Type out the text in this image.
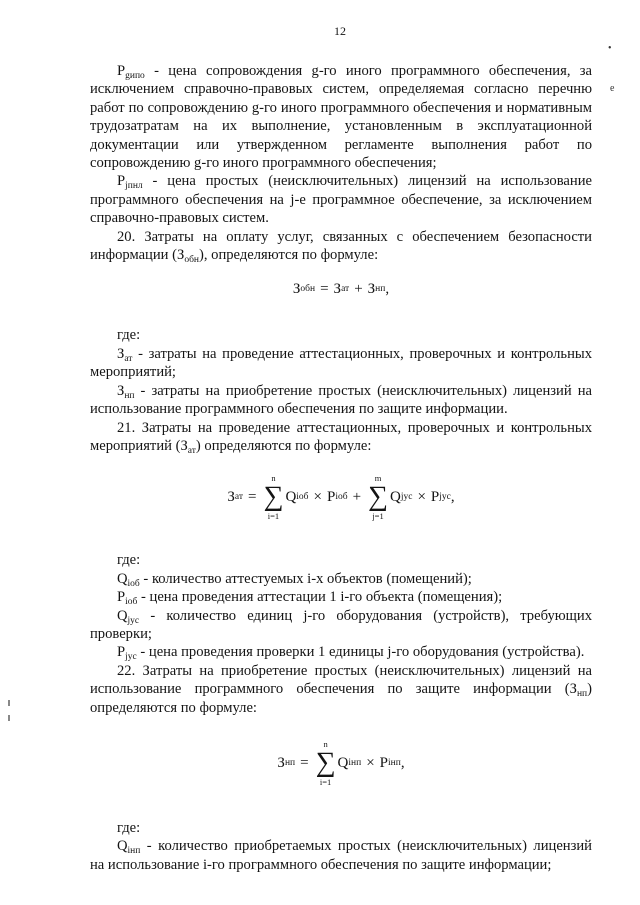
12
•
e

$P_{gипо}$ - цена сопровождения g-го иного программного обеспечения, за исключением справочно-правовых систем, определяемая согласно перечню работ по сопровождению g-го иного программного обеспечения и нормативным трудозатратам на их выполнение, установленным в эксплуатационной документации или утвержденном регламенте выполнения работ по сопровождению g-го иного программного обеспечения;

$P_{jпнл}$ - цена простых (неисключительных) лицензий на использование программного обеспечения на j-е программное обеспечение, за исключением справочно-правовых систем.

20. Затраты на оплату услуг, связанных с обеспечением безопасности информации $(З_{обн})$, определяются по формуле:

З обн = З ат + З нп ,

где:

$З_{ат}$ - затраты на проведение аттестационных, проверочных и контрольных мероприятий;

$З_{нп}$ - затраты на приобретение простых (неисключительных) лицензий на использование программного обеспечения по защите информации.

21. Затраты на проведение аттестационных, проверочных и контрольных мероприятий $(З_{ат})$ определяются по формуле:

З ат =
n
∑
i=1
Q iоб × P iоб +
m
∑
j=1
Q jус × P jус ,

где:

$Q_{iоб}$ - количество аттестуемых i-х объектов (помещений);

$P_{iоб}$ - цена проведения аттестации 1 i-го объекта (помещения);

$Q_{jус}$ - количество единиц j-го оборудования (устройств), требующих проверки;

$P_{jус}$ - цена проведения проверки 1 единицы j-го оборудования (устройства).

22. Затраты на приобретение простых (неисключительных) лицензий на использование программного обеспечения по защите информации $(З_{нп})$ определяются по формуле:

З нп =
n
∑
i=1
Q iнп × P iнп ,

где:

$Q_{iнп}$ - количество приобретаемых простых (неисключительных) лицензий на использование i-го программного обеспечения по защите информации;
